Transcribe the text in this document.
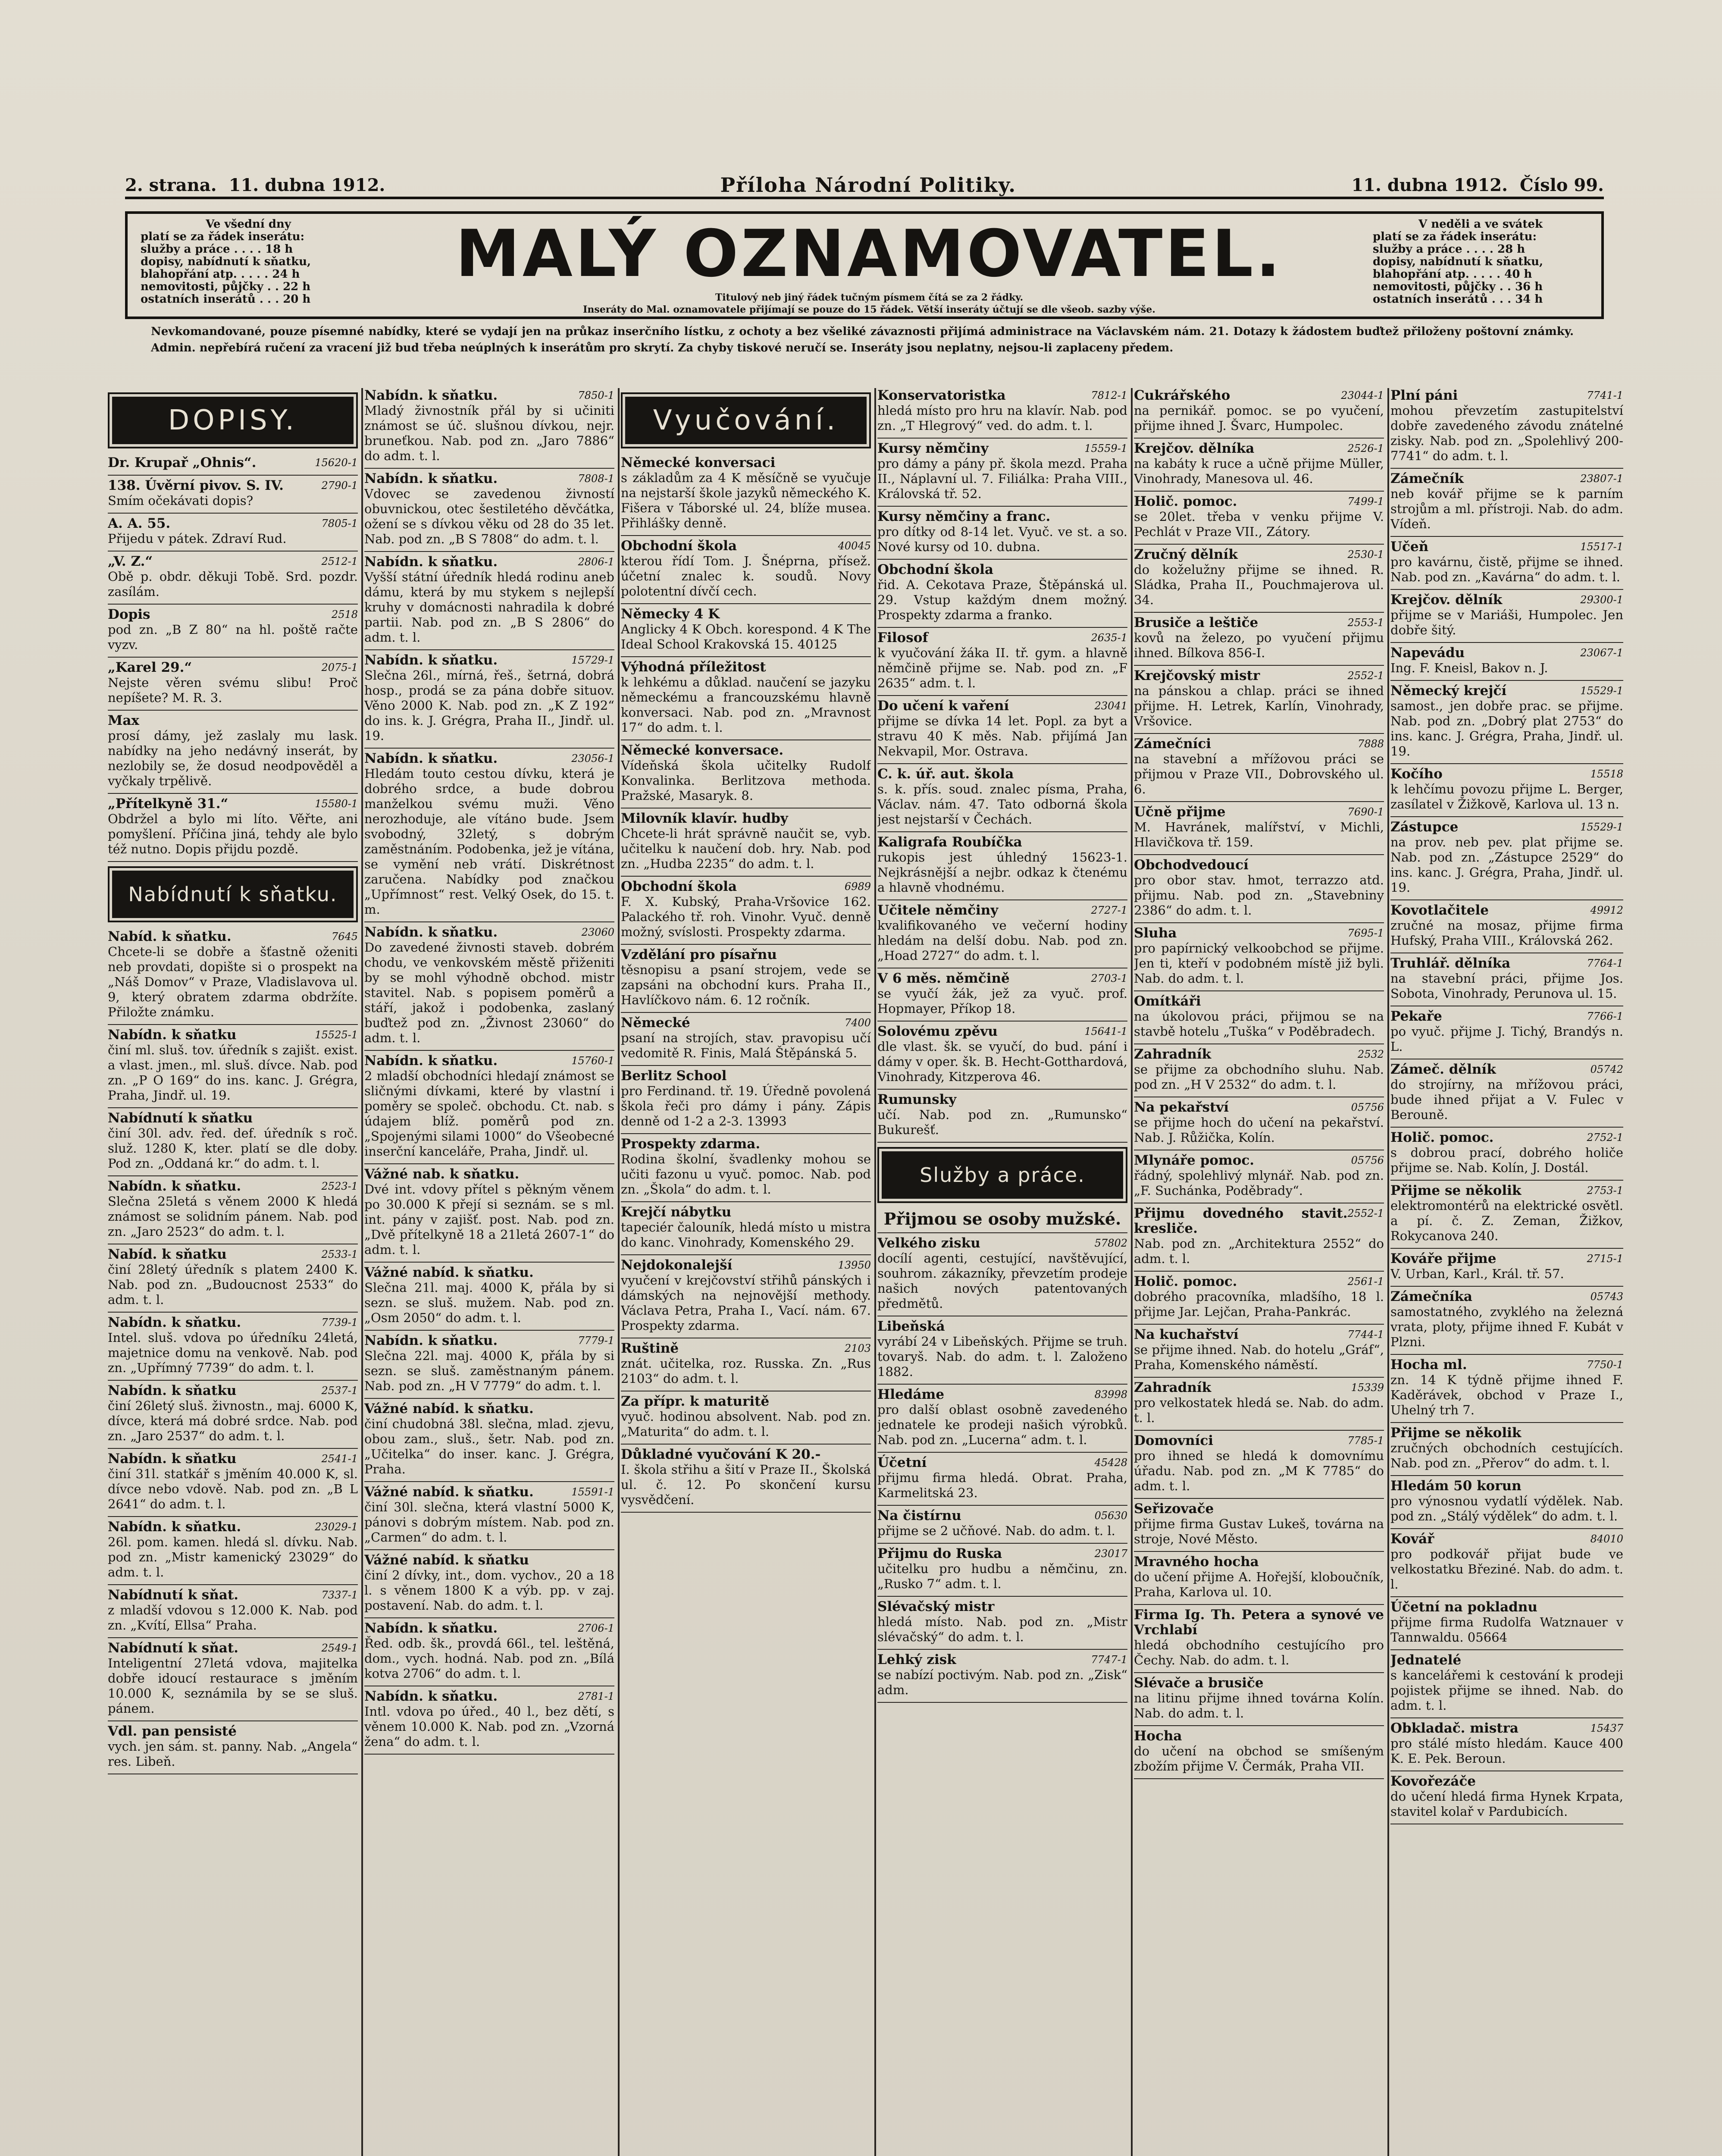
2. strana. 11. dubna 1912.	Příloha Národní Politiky.	11. dubna 1912. Číslo 99.
Ve všední dny
platí se za řádek inserátu:
služby a práce . . . . 18 h
dopisy, nabídnutí k sňatku,
blahopřání atp. . . . . 24 h
nemovitosti, půjčky . . 22 h
ostatních inserátů . . . 20 h
MALÝ OZNAMOVATEL.
Titulový neb jiný řádek tučným písmem čítá se za 2 řádky.
Inseráty do Mal. oznamovatele přijímají se pouze do 15 řádek. Větší inseráty účtují se dle všeob. sazby výše.
V neděli a ve svátek
platí se za řádek inserátu:
služby a práce . . . . 28 h
dopisy, nabídnutí k sňatku,
blahopřání atp. . . . . 40 h
nemovitosti, půjčky . . 36 h
ostatních inserátů . . . 34 h
Nevkomandované, pouze písemné nabídky, které se vydají jen na průkaz inserčního lístku, z ochoty a bez všeliké závaznosti přijímá administrace na Václavském nám. 21. Dotazy k žádostem buďtež přiloženy poštovní známky. Admin. nepřebírá ručení za vracení již bud třeba neúplných k inserátům pro skrytí. Za chyby tiskové neručí se. Inseráty jsou neplatny, nejsou-li zaplaceny předem.
DOPISY.
15620-1
Dr. Krupař „Ohnis“.
2790-1
138. Úvěrní pivov. S. IV.
Smím očekávati dopis?
7805-1
A. A. 55.
Přijedu v pátek. Zdraví Rud.
2512-1
„V. Z.“
Obě p. obdr. děkuji Tobě. Srd. pozdr. zasílám.
2518
Dopis
pod zn. „B Z 80“ na hl. poště račte vyzv.
2075-1
„Karel 29.“
Nejste věren svému slibu! Proč nepíšete? M. R. 3.
Max
prosí dámy, jež zaslaly mu lask. nabídky na jeho nedávný inserát, by nezlobily se, že dosud neodpověděl a vyčkaly trpělivě.
15580-1
„Přítelkyně 31.“
Obdržel a bylo mi líto. Věřte, ani pomyšlení. Příčina jiná, tehdy ale bylo též nutno. Dopis přijdu pozdě.
Nabídnutí k sňatku.
7645
Nabíd. k sňatku.
Chcete-li se dobře a šťastně oženiti neb provdati, dopište si o prospekt na „Náš Domov“ v Praze, Vladislavova ul. 9, který obratem zdarma obdržíte. Přiložte známku.
15525-1
Nabídn. k sňatku
činí ml. sluš. tov. úředník s zajišt. exist. a vlast. jmen., ml. sluš. dívce. Nab. pod zn. „P O 169“ do ins. kanc. J. Grégra, Praha, Jindř. ul. 19.
Nabídnutí k sňatku
činí 30l. adv. řed. def. úředník s roč. služ. 1280 K, kter. platí se dle doby. Pod zn. „Oddaná kr.“ do adm. t. l.
2523-1
Nabídn. k sňatku.
Slečna 25letá s věnem 2000 K hledá známost se solidním pánem. Nab. pod zn. „Jaro 2523“ do adm. t. l.
2533-1
Nabíd. k sňatku
činí 28letý úředník s platem 2400 K. Nab. pod zn. „Budoucnost 2533“ do adm. t. l.
7739-1
Nabídn. k sňatku.
Intel. sluš. vdova po úředníku 24letá, majetnice domu na venkově. Nab. pod zn. „Upřímný 7739“ do adm. t. l.
2537-1
Nabídn. k sňatku
činí 26letý sluš. živnostn., maj. 6000 K, dívce, která má dobré srdce. Nab. pod zn. „Jaro 2537“ do adm. t. l.
2541-1
Nabídn. k sňatku
činí 31l. statkář s jměním 40.000 K, sl. dívce nebo vdově. Nab. pod zn. „B L 2641“ do adm. t. l.
23029-1
Nabídn. k sňatku.
26l. pom. kamen. hledá sl. dívku. Nab. pod zn. „Mistr kamenický 23029“ do adm. t. l.
7337-1
Nabídnutí k sňat.
z mladší vdovou s 12.000 K. Nab. pod zn. „Kvítí, Ellsa“ Praha.
2549-1
Nabídnutí k sňat.
Inteligentní 27letá vdova, majitelka dobře idoucí restaurace s jměním 10.000 K, seznámila by se se sluš. pánem.
Vdl. pan pensisté
vych. jen sám. st. panny. Nab. „Angela“ res. Libeň.
7850-1
Nabídn. k sňatku.
Mladý živnostník přál by si učiniti známost se úč. slušnou dívkou, nejr. bruneťkou. Nab. pod zn. „Jaro 7886“ do adm. t. l.
7808-1
Nabídn. k sňatku.
Vdovec se zavedenou živností obuvnickou, otec šestiletého děvčátka, ožení se s dívkou věku od 28 do 35 let. Nab. pod zn. „B S 7808“ do adm. t. l.
2806-1
Nabídn. k sňatku.
Vyšší státní úředník hledá rodinu aneb dámu, která by mu stykem s nejlepší kruhy v domácnosti nahradila k dobré partii. Nab. pod zn. „B S 2806“ do adm. t. l.
15729-1
Nabídn. k sňatku.
Slečna 26l., mírná, řeš., šetrná, dobrá hosp., prodá se za pána dobře situov. Věno 2000 K. Nab. pod zn. „K Z 192“ do ins. k. J. Grégra, Praha II., Jindř. ul. 19.
23056-1
Nabídn. k sňatku.
Hledám touto cestou dívku, která je dobrého srdce, a bude dobrou manželkou svému muži. Věno nerozhoduje, ale vítáno bude. Jsem svobodný, 32letý, s dobrým zaměstnáním. Podobenka, jež je vítána, se vymění neb vrátí. Diskrétnost zaručena. Nabídky pod značkou „Upřímnost“ rest. Velký Osek, do 15. t. m.
23060
Nabídn. k sňatku.
Do zavedené živnosti staveb. dobrém chodu, ve venkovském městě přiženiti by se mohl výhodně obchod. mistr stavitel. Nab. s popisem poměrů a stáří, jakož i podobenka, zaslaný buďtež pod zn. „Živnost 23060“ do adm. t. l.
15760-1
Nabídn. k sňatku.
2 mladší obchodníci hledají známost se sličnými dívkami, které by vlastní i poměry se společ. obchodu. Ct. nab. s údajem blíž. poměrů pod zn. „Spojenými silami 1000“ do Všeobecné inserční kanceláře, Praha, Jindř. ul.
Vážné nab. k sňatku.
Dvé int. vdovy přítel s pěkným věnem po 30.000 K přejí si seznám. se s ml. int. pány v zajišť. post. Nab. pod zn. „Dvě přítelkyně 18 a 21letá 2607-1“ do adm. t. l.
Vážné nabíd. k sňatku.
Slečna 21l. maj. 4000 K, přála by si sezn. se sluš. mužem. Nab. pod zn. „Osm 2050“ do adm. t. l.
7779-1
Nabídn. k sňatku.
Slečna 22l. maj. 4000 K, přála by si sezn. se sluš. zaměstnaným pánem. Nab. pod zn. „H V 7779“ do adm. t. l.
Vážné nabíd. k sňatku.
činí chudobná 38l. slečna, mlad. zjevu, obou zam., sluš., šetr. Nab. pod zn. „Učitelka“ do inser. kanc. J. Grégra, Praha.
15591-1
Vážné nabíd. k sňatku.
činí 30l. slečna, která vlastní 5000 K, pánovi s dobrým místem. Nab. pod zn. „Carmen“ do adm. t. l.
Vážné nabíd. k sňatku
činí 2 dívky, int., dom. vychov., 20 a 18 l. s věnem 1800 K a výb. pp. v zaj. postavení. Nab. do adm. t. l.
2706-1
Nabídn. k sňatku.
Řed. odb. šk., provdá 66l., tel. leštěná, dom., vych. hodná. Nab. pod zn. „Bílá kotva 2706“ do adm. t. l.
2781-1
Nabídn. k sňatku.
Intl. vdova po úřed., 40 l., bez dětí, s věnem 10.000 K. Nab. pod zn. „Vzorná žena“ do adm. t. l.
Vyučování.
Německé konversaci
s základům za 4 K měsíčně se vyučuje na nejstarší škole jazyků německého K. Fišera v Táborské ul. 24, blíže musea. Přihlášky denně.
40045
Obchodní škola
kterou řídí Tom. J. Šnéprna, přísež. účetní znalec k. soudů. Novy polotentní dívčí cech.
Německy 4 K
Anglicky 4 K Obch. korespond. 4 K The Ideal School Krakovská 15. 40125
Výhodná příležitost
k lehkému a důklad. naučení se jazyku německému a francouzskému hlavně konversaci. Nab. pod zn. „Mravnost 17“ do adm. t. l.
Německé konversace.
Vídeňská škola učitelky Rudolf Konvalinka. Berlitzova methoda. Pražské, Masaryk. 8.
Milovník klavír. hudby
Chcete-li hrát správně naučit se, vyb. učitelku k naučení dob. hry. Nab. pod zn. „Hudba 2235“ do adm. t. l.
6989
Obchodní škola
F. X. Kubský, Praha-Vršovice 162. Palackého tř. roh. Vinohr. Vyuč. denně možný, svíslosti. Prospekty zdarma.
Vzdělání pro písařnu
těsnopisu a psaní strojem, vede se zapsáni na obchodní kurs. Praha II., Havlíčkovo nám. 6. 12 ročník.
7400
Německé
psaní na strojích, stav. pravopisu učí vedomitě R. Finis, Malá Štěpánská 5.
Berlitz School
pro Ferdinand. tř. 19. Úředně povolená škola řeči pro dámy i pány. Zápis denně od 1-2 a 2-3. 13993
Prospekty zdarma.
Rodina školní, švadlenky mohou se učiti fazonu u vyuč. pomoc. Nab. pod zn. „Škola“ do adm. t. l.
Krejčí nábytku
tapeciér čalouník, hledá místo u mistra do kanc. Vinohrady, Komenského 29.
13950
Nejdokonalejší
vyučení v krejčovství střihů pánských i dámských na nejnovější methody. Václava Petra, Praha I., Vací. nám. 67. Prospekty zdarma.
2103
Ruštině
znát. učitelka, roz. Russka. Zn. „Rus 2103“ do adm. t. l.
Za přípr. k maturitě
vyuč. hodinou absolvent. Nab. pod zn. „Maturita“ do adm. t. l.
Důkladné vyučování K 20.-
I. škola střihu a šití v Praze II., Školská ul. č. 12. Po skončení kursu vysvědčení.
7812-1
Konservatoristka
hledá místo pro hru na klavír. Nab. pod zn. „T Hlegrový“ ved. do adm. t. l.
15559-1
Kursy němčiny
pro dámy a pány př. škola mezd. Praha II., Náplavní ul. 7. Filiálka: Praha VIII., Královská tř. 52.
Kursy němčiny a franc.
pro dítky od 8-14 let. Vyuč. ve st. a so. Nové kursy od 10. dubna.
Obchodní škola
řid. A. Cekotava Praze, Štěpánská ul. 29. Vstup každým dnem možný. Prospekty zdarma a franko.
2635-1
Filosof
k vyučování žáka II. tř. gym. a hlavně němčině přijme se. Nab. pod zn. „F 2635“ adm. t. l.
23041
Do učení k vaření
přijme se dívka 14 let. Popl. za byt a stravu 40 K měs. Nab. přijímá Jan Nekvapil, Mor. Ostrava.
C. k. úř. aut. škola
s. k. přís. soud. znalec písma, Praha, Václav. nám. 47. Tato odborná škola jest nejstarší v Čechách.
Kaligrafa Roubíčka
rukopis jest úhledný 15623-1. Nejkrásnější a nejbr. odkaz k čtenému a hlavně vhodnému.
2727-1
Učitele němčiny
kvalifikovaného ve večerní hodiny hledám na delší dobu. Nab. pod zn. „Hoad 2727“ do adm. t. l.
2703-1
V 6 měs. němčině
se vyučí žák, jež za vyuč. prof. Hopmayer, Příkop 18.
15641-1
Solovému zpěvu
dle vlast. šk. se vyučí, do bud. pání i dámy v oper. šk. B. Hecht-Gotthardová, Vinohrady, Kitzperova 46.
Rumunsky
učí. Nab. pod zn. „Rumunsko“ Bukurešť.
Služby a práce.
Přijmou se osoby mužské.
57802
Velkého zisku
docílí agenti, cestující, navštěvující, souhrom. zákazníky, převzetím prodeje našich nových patentovaných předmětů.
Libeňská
vyrábí 24 v Libeňských. Přijme se truh. tovaryš. Nab. do adm. t. l. Založeno 1882.
83998
Hledáme
pro další oblast osobně zavedeného jednatele ke prodeji našich výrobků. Nab. pod zn. „Lucerna“ adm. t. l.
45428
Účetní
přijmu firma hledá. Obrat. Praha, Karmelitská 23.
05630
Na čistírnu
přijme se 2 učňové. Nab. do adm. t. l.
23017
Přijmu do Ruska
učitelku pro hudbu a němčinu, zn. „Rusko 7“ adm. t. l.
Slévačský mistr
hledá místo. Nab. pod zn. „Mistr slévačský“ do adm. t. l.
7747-1
Lehký zisk
se nabízí poctivým. Nab. pod zn. „Zisk“ adm.
23044-1
Cukrářského
na pernikář. pomoc. se po vyučení, přijme ihned J. Švarc, Humpolec.
2526-1
Krejčov. dělníka
na kabáty k ruce a učně přijme Müller, Vinohrady, Manesova ul. 46.
7499-1
Holič. pomoc.
se 20let. třeba v venku přijme V. Pechlát v Praze VII., Zátory.
2530-1
Zručný dělník
do koželužny přijme se ihned. R. Sládka, Praha II., Pouchmajerova ul. 34.
2553-1
Brusiče a leštiče
kovů na železo, po vyučení přijmu ihned. Bílkova 856-I.
2552-1
Krejčovský mistr
na pánskou a chlap. práci se ihned přijme. H. Letrek, Karlín, Vinohrady, Vršovice.
7888
Zámečníci
na stavební a mřížovou práci se přijmou v Praze VII., Dobrovského ul. 6.
7690-1
Učně přijme
M. Havránek, malířství, v Michli, Hlavičkova tř. 159.
Obchodvedoucí
pro obor stav. hmot, terrazzo atd. přijmu. Nab. pod zn. „Stavebniny 2386“ do adm. t. l.
7695-1
Sluha
pro papírnický velkoobchod se přijme. Jen ti, kteří v podobném místě již byli. Nab. do adm. t. l.
Omítkáři
na úkolovou práci, přijmou se na stavbě hotelu „Tuška“ v Poděbradech.
2532
Zahradník
se přijme za obchodního sluhu. Nab. pod zn. „H V 2532“ do adm. t. l.
05756
Na pekařství
se přijme hoch do učení na pekařství. Nab. J. Růžička, Kolín.
05756
Mlynáře pomoc.
řádný, spolehlivý mlynář. Nab. pod zn. „F. Suchánka, Poděbrady“.
2552-1
Přijmu dovedného stavit. kresliče.
Nab. pod zn. „Architektura 2552“ do adm. t. l.
2561-1
Holič. pomoc.
dobrého pracovníka, mladšího, 18 l. přijme Jar. Lejčan, Praha-Pankrác.
7744-1
Na kuchařství
se přijme ihned. Nab. do hotelu „Gráf“, Praha, Komenského náměstí.
15339
Zahradník
pro velkostatek hledá se. Nab. do adm. t. l.
7785-1
Domovníci
pro ihned se hledá k domovnímu úřadu. Nab. pod zn. „M K 7785“ do adm. t. l.
Seřizovače
přijme firma Gustav Lukeš, továrna na stroje, Nové Město.
Mravného hocha
do učení přijme A. Hořejší, kloboučník, Praha, Karlova ul. 10.
Firma Ig. Th. Petera a synové ve Vrchlabí
hledá obchodního cestujícího pro Čechy. Nab. do adm. t. l.
Slévače a brusiče
na litinu přijme ihned továrna Kolín. Nab. do adm. t. l.
Hocha
do učení na obchod se smíšeným zbožím přijme V. Čermák, Praha VII.
7741-1
Plní páni
mohou převzetím zastupitelství dobře zavedeného závodu znátelné zisky. Nab. pod zn. „Spolehlivý 200-7741“ do adm. t. l.
23807-1
Zámečník
neb kovář přijme se k parním strojům a ml. přístroji. Nab. do adm. Vídeň.
15517-1
Učeň
pro kavárnu, čistě, přijme se ihned. Nab. pod zn. „Kavárna“ do adm. t. l.
29300-1
Krejčov. dělník
přijme se v Mariáši, Humpolec. Jen dobře šitý.
23067-1
Napevádu
Ing. F. Kneisl, Bakov n. J.
15529-1
Německý krejčí
samost., jen dobře prac. se přijme. Nab. pod zn. „Dobrý plat 2753“ do ins. kanc. J. Grégra, Praha, Jindř. ul. 19.
15518
Kočího
k lehčímu povozu přijme L. Berger, zasílatel v Žižkově, Karlova ul. 13 n.
15529-1
Zástupce
na prov. neb pev. plat přijme se. Nab. pod zn. „Zástupce 2529“ do ins. kanc. J. Grégra, Praha, Jindř. ul. 19.
49912
Kovotlačitele
zručné na mosaz, přijme firma Hufský, Praha VIII., Královská 262.
7764-1
Truhlář. dělníka
na stavební práci, přijme Jos. Sobota, Vinohrady, Perunova ul. 15.
7766-1
Pekaře
po vyuč. přijme J. Tichý, Brandýs n. L.
05742
Zámeč. dělník
do strojírny, na mřížovou práci, bude ihned přijat a V. Fulec v Berouně.
2752-1
Holič. pomoc.
s dobrou prací, dobrého holiče přijme se. Nab. Kolín, J. Dostál.
2753-1
Přijme se několik
elektromontérů na elektrické osvětl. a pí. č. Z. Zeman, Žižkov, Rokycanova 240.
2715-1
Kováře přijme
V. Urban, Karl., Král. tř. 57.
05743
Zámečníka
samostatného, zvyklého na železná vrata, ploty, přijme ihned F. Kubát v Plzni.
7750-1
Hocha ml.
zn. 14 K týdně přijme ihned F. Kaděrávek, obchod v Praze I., Uhelný trh 7.
Přijme se několik
zručných obchodních cestujících. Nab. pod zn. „Přerov“ do adm. t. l.
Hledám 50 korun
pro výnosnou vydatlí výdělek. Nab. pod zn. „Stálý výdělek“ do adm. t. l.
84010
Kovář
pro podkovář přijat bude ve velkostatku Březiné. Nab. do adm. t. l.
Účetní na pokladnu
přijme firma Rudolfa Watznauer v Tannwaldu. 05664
Jednatelé
s kancelářemi k cestování k prodeji pojistek přijme se ihned. Nab. do adm. t. l.
15437
Obkladač. mistra
pro stálé místo hledám. Kauce 400 K. E. Pek. Beroun.
Kovořezáče
do učení hledá firma Hynek Krpata, stavitel kolař v Pardubicích.
